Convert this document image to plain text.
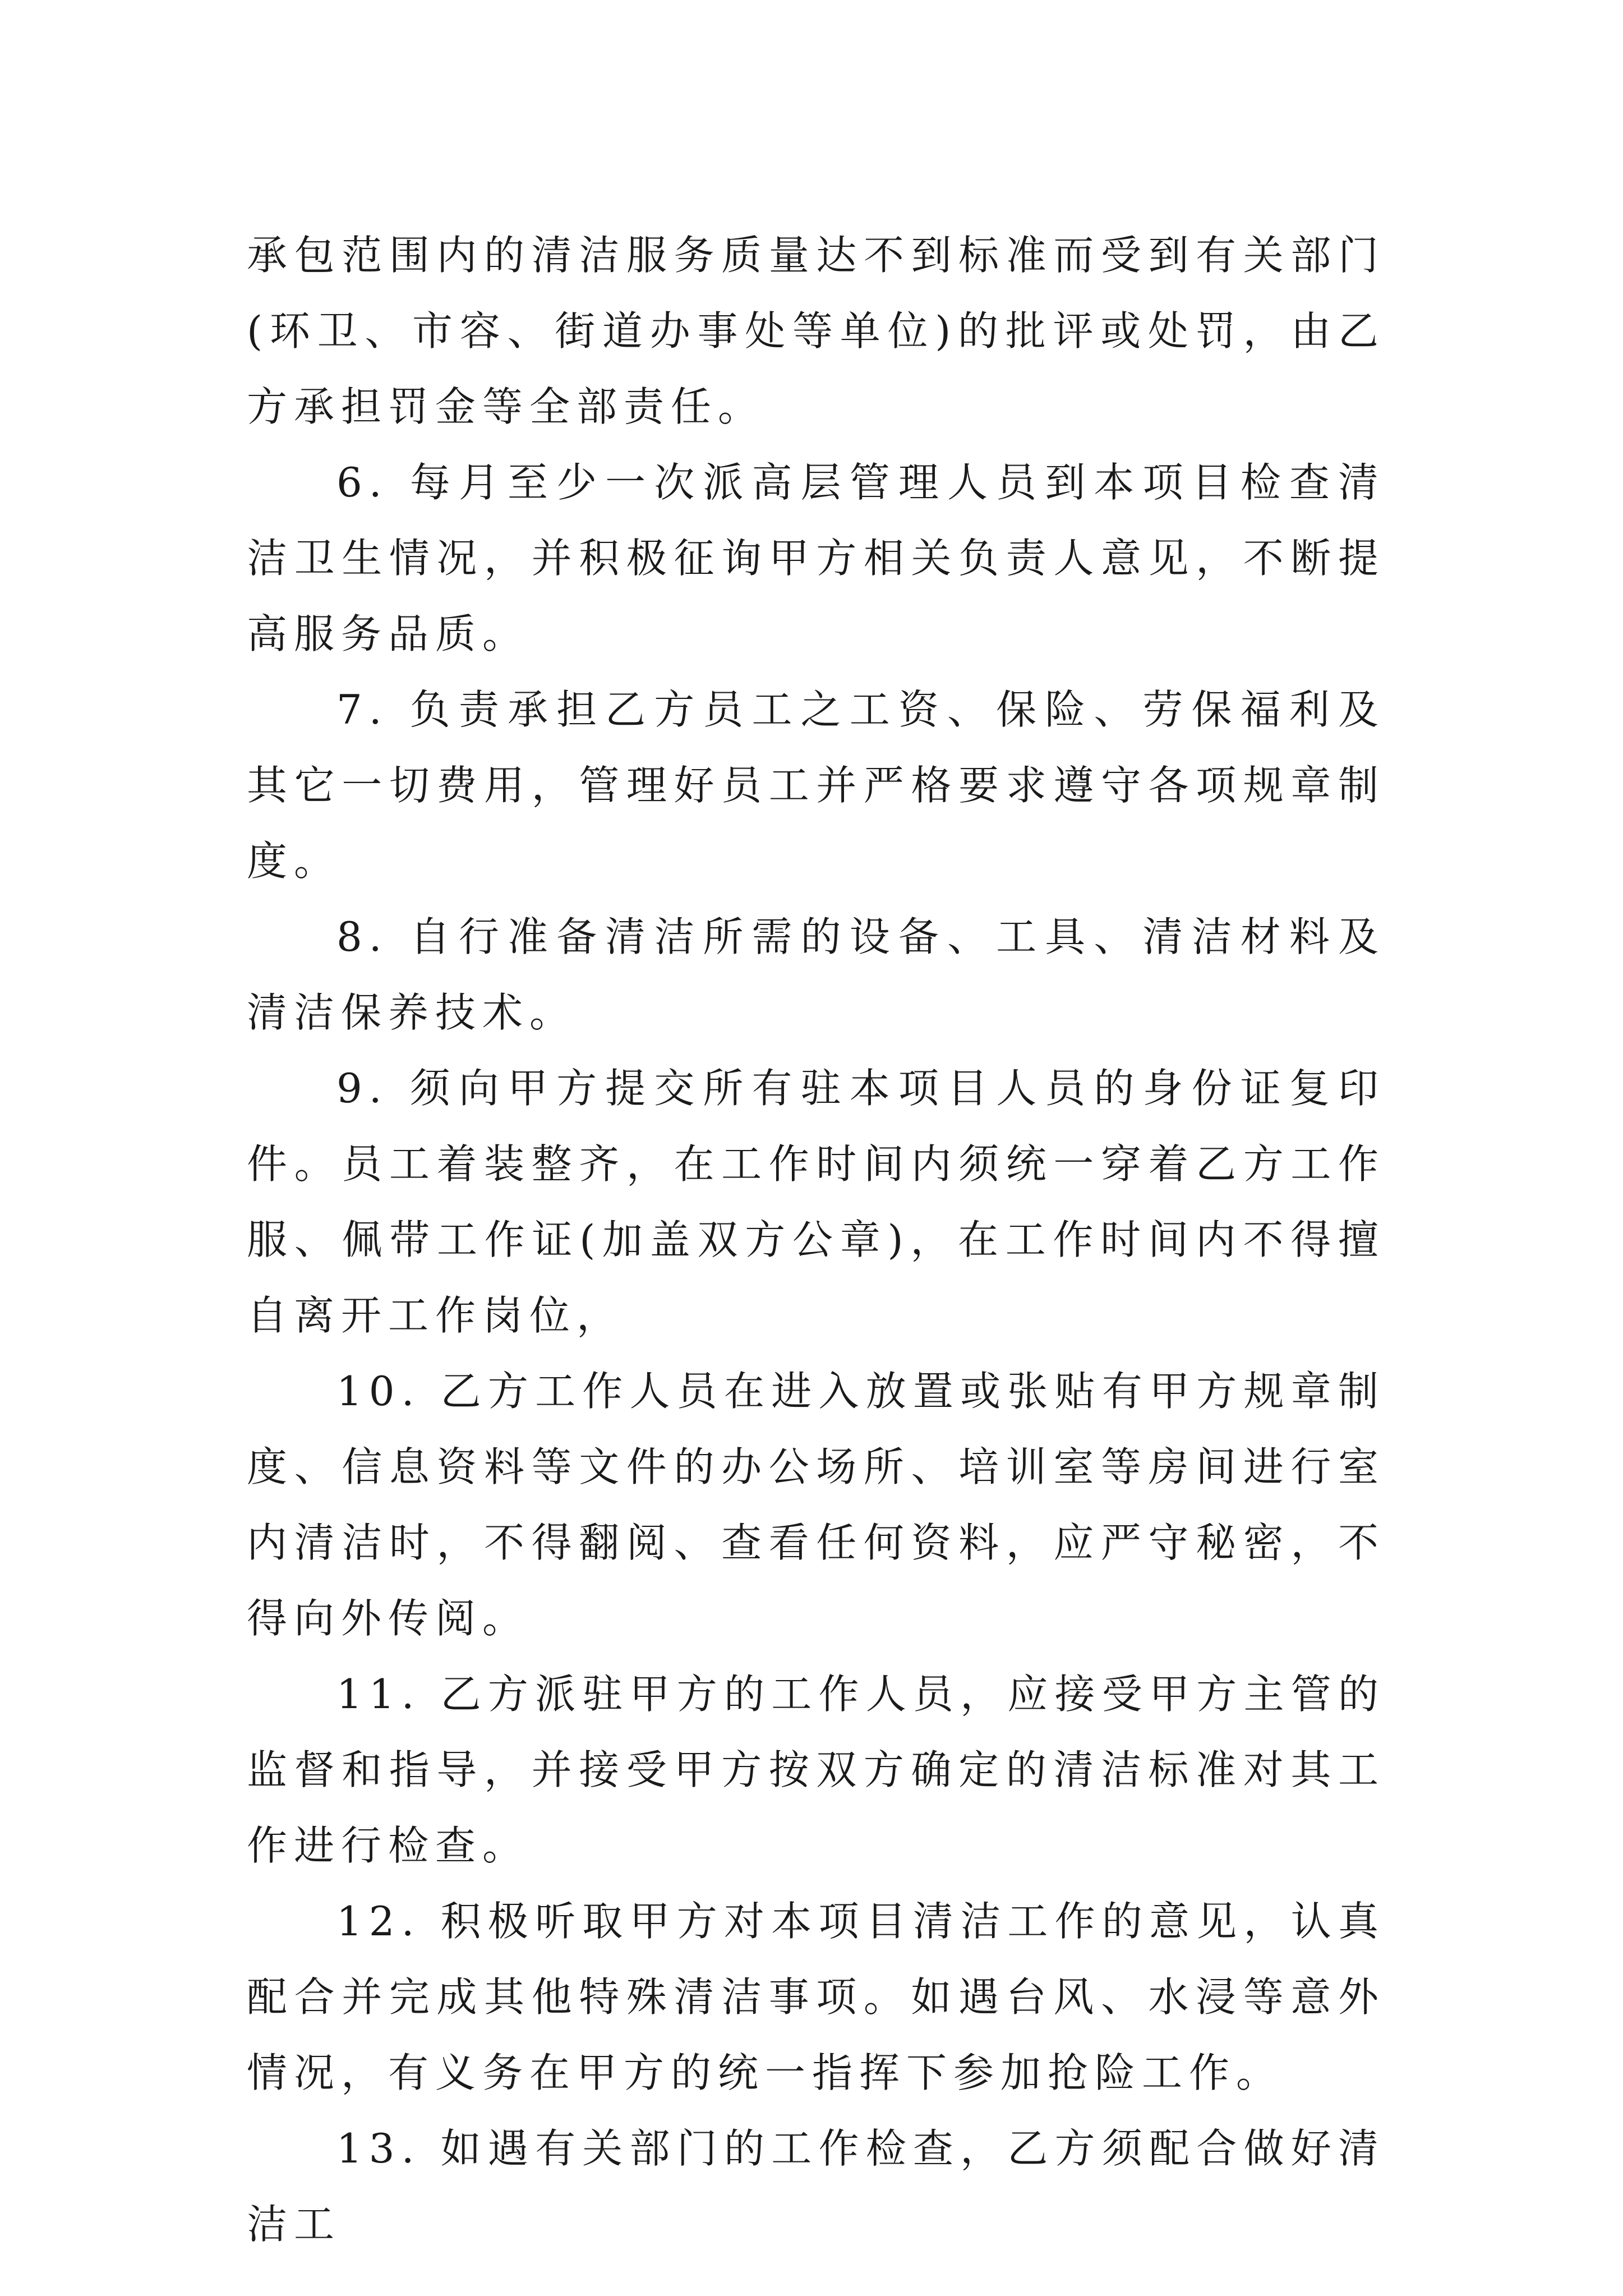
承包范围内的清洁服务质量达不到标准而受到有关部门(环卫、市容、街道办事处等单位)的批评或处罚，由乙方承担罚金等全部责任。

6. 每月至少一次派高层管理人员到本项目检查清洁卫生情况，并积极征询甲方相关负责人意见，不断提高服务品质。

7. 负责承担乙方员工之工资、保险、劳保福利及其它一切费用，管理好员工并严格要求遵守各项规章制度。

8. 自行准备清洁所需的设备、工具、清洁材料及清洁保养技术。

9. 须向甲方提交所有驻本项目人员的身份证复印件。员工着装整齐，在工作时间内须统一穿着乙方工作服、佩带工作证(加盖双方公章)，在工作时间内不得擅自离开工作岗位，

10. 乙方工作人员在进入放置或张贴有甲方规章制度、信息资料等文件的办公场所、培训室等房间进行室内清洁时，不得翻阅、查看任何资料，应严守秘密，不得向外传阅。

11. 乙方派驻甲方的工作人员，应接受甲方主管的监督和指导，并接受甲方按双方确定的清洁标准对其工作进行检查。

12. 积极听取甲方对本项目清洁工作的意见，认真配合并完成其他特殊清洁事项。如遇台风、水浸等意外情况，有义务在甲方的统一指挥下参加抢险工作。

13. 如遇有关部门的工作检查，乙方须配合做好清洁工
